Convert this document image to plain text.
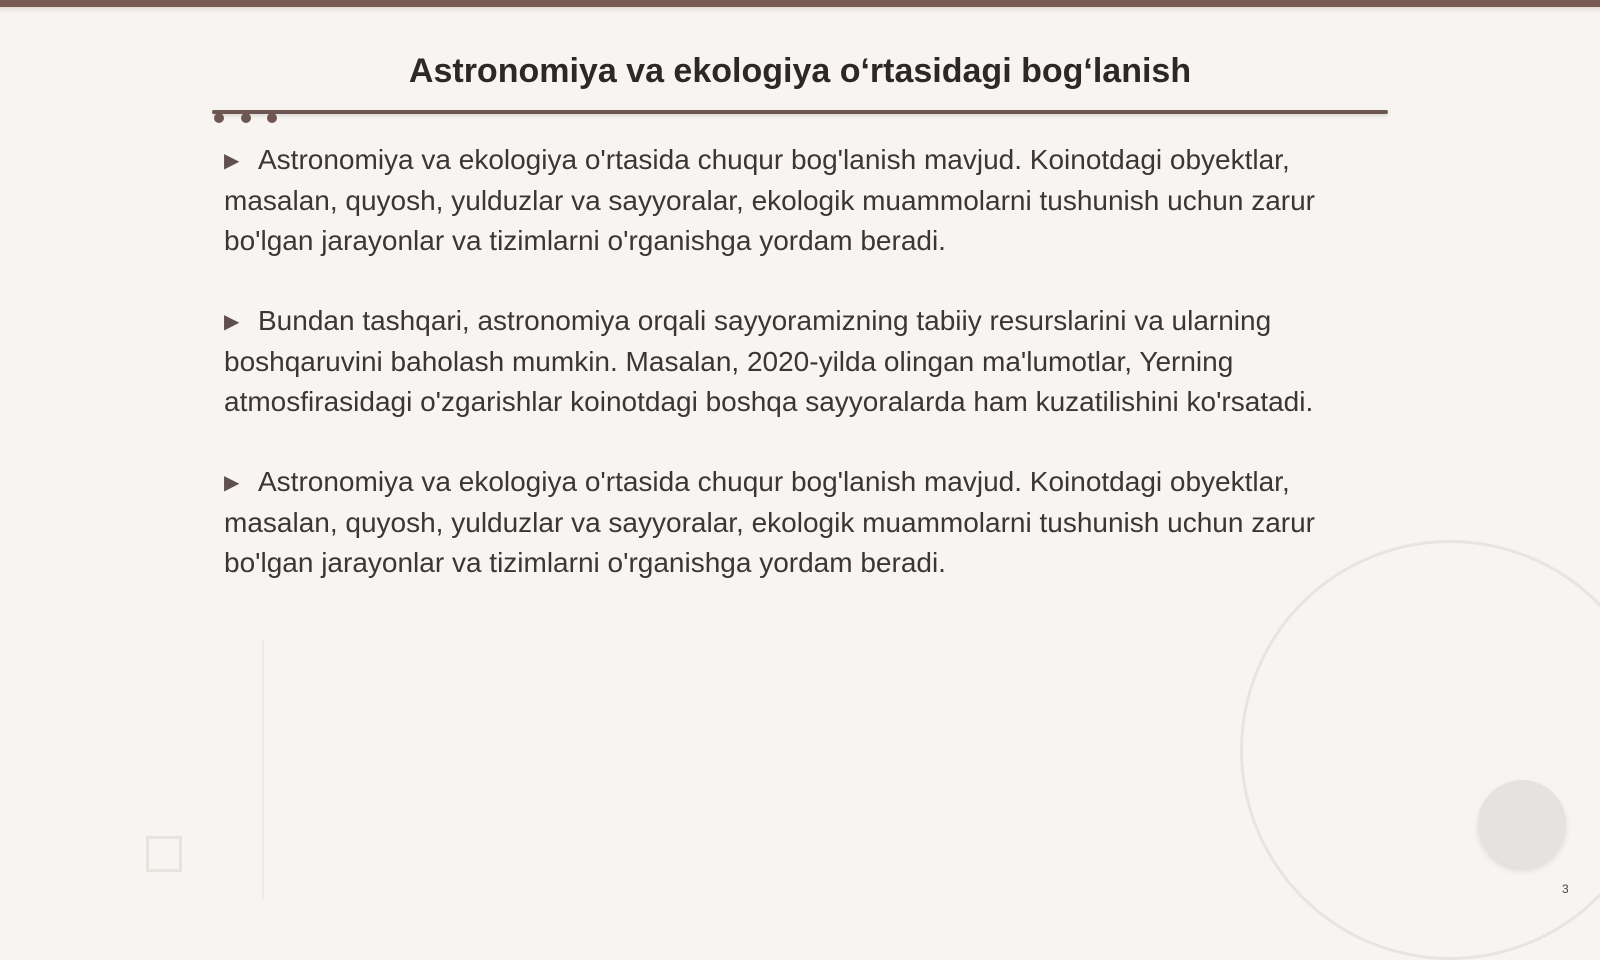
Astronomiya va ekologiya o‘rtasidagi bog‘lanish

▶ Astronomiya va ekologiya o'rtasida chuqur bog'lanish mavjud. Koinotdagi obyektlar, masalan, quyosh, yulduzlar va sayyoralar, ekologik muammolarni tushunish uchun zarur bo'lgan jarayonlar va tizimlarni o'rganishga yordam beradi.

▶ Bundan tashqari, astronomiya orqali sayyoramizning tabiiy resurslarini va ularning boshqaruvini baholash mumkin. Masalan, 2020-yilda olingan ma'lumotlar, Yerning atmosfirasidagi o'zgarishlar koinotdagi boshqa sayyoralarda ham kuzatilishini ko'rsatadi.

▶ Astronomiya va ekologiya o'rtasida chuqur bog'lanish mavjud. Koinotdagi obyektlar, masalan, quyosh, yulduzlar va sayyoralar, ekologik muammolarni tushunish uchun zarur bo'lgan jarayonlar va tizimlarni o'rganishga yordam beradi.

3
